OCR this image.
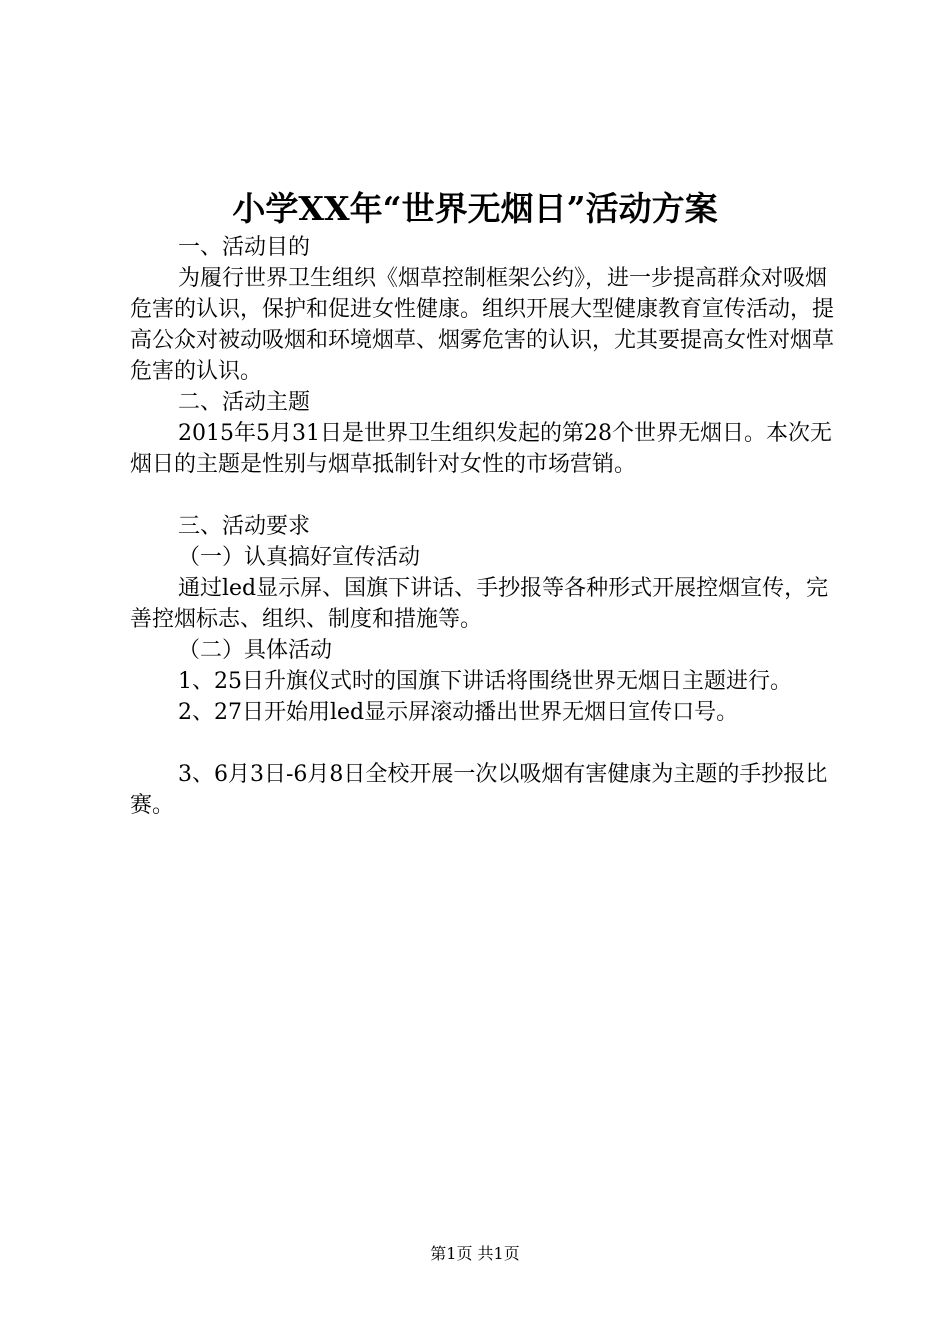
小学XX年“世界无烟日”活动方案

一、活动目的

为履行世界卫生组织《烟草控制框架公约》，进一步提高群众对吸烟危害的认识，保护和促进女性健康。组织开展大型健康教育宣传活动，提高公众对被动吸烟和环境烟草、烟雾危害的认识，尤其要提高女性对烟草危害的认识。

二、活动主题

2015年5月31日是世界卫生组织发起的第28个世界无烟日。本次无烟日的主题是性别与烟草抵制针对女性的市场营销。

三、活动要求

（一）认真搞好宣传活动

通过led显示屏、国旗下讲话、手抄报等各种形式开展控烟宣传，完善控烟标志、组织、制度和措施等。

（二）具体活动

1、25日升旗仪式时的国旗下讲话将围绕世界无烟日主题进行。

2、27日开始用led显示屏滚动播出世界无烟日宣传口号。

3、6月3日-6月8日全校开展一次以吸烟有害健康为主题的手抄报比赛。

第1页 共1页
